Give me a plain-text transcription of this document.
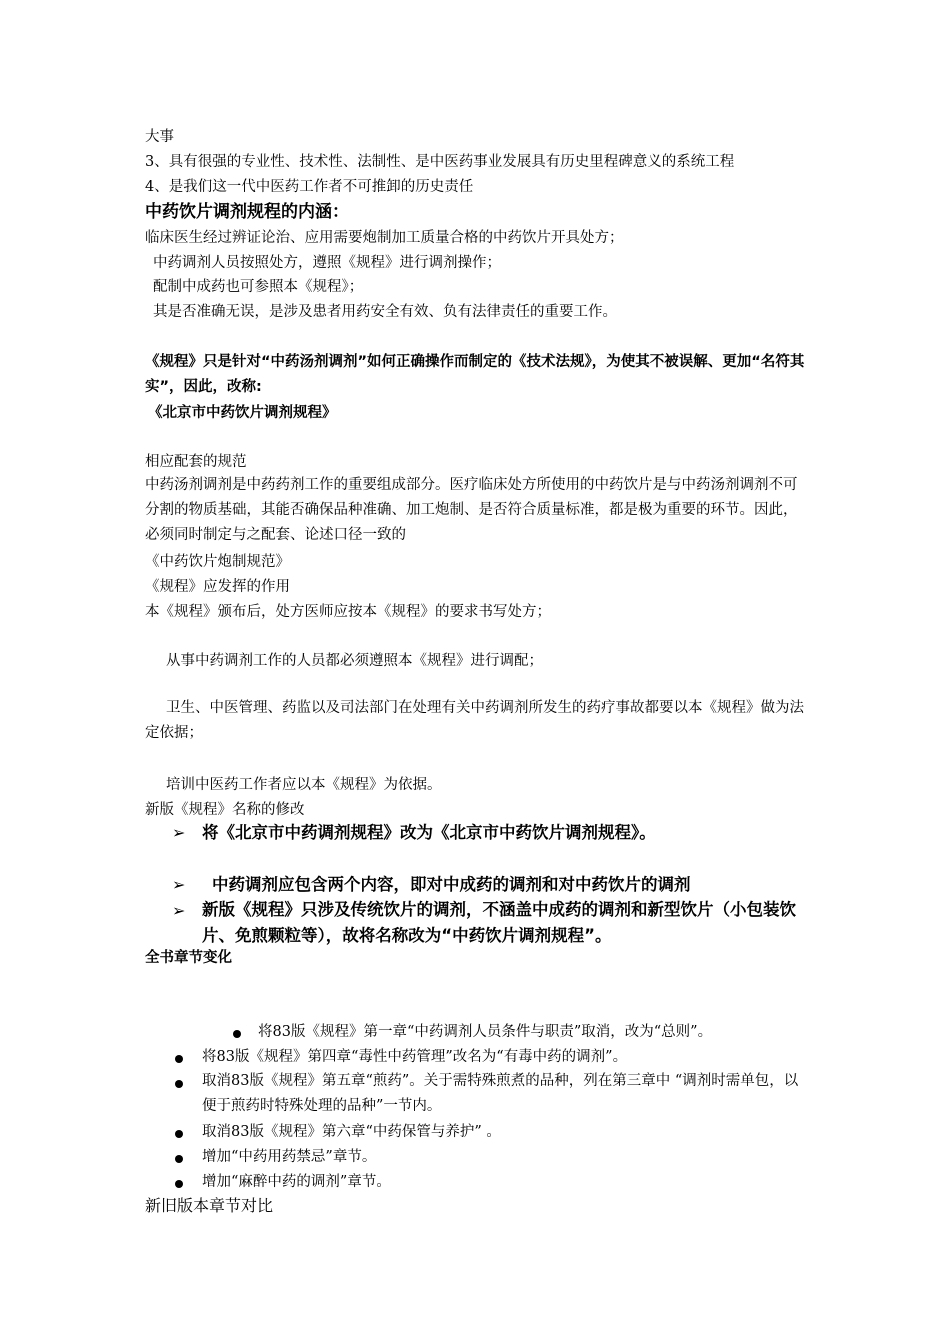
大事
3、具有很强的专业性、技术性、法制性、是中医药事业发展具有历史里程碑意义的系统工程
4、是我们这一代中医药工作者不可推卸的历史责任
中药饮片调剂规程的内涵：
临床医生经过辨证论治、应用需要炮制加工质量合格的中药饮片开具处方；
中药调剂人员按照处方，遵照《规程》进行调剂操作；
配制中成药也可参照本《规程》；
其是否准确无误，是涉及患者用药安全有效、负有法律责任的重要工作。
《规程》只是针对“中药汤剂调剂”如何正确操作而制定的《技术法规》，为使其不被误解、更加“名符其实”，因此，改称:
《北京市中药饮片调剂规程》
相应配套的规范
中药汤剂调剂是中药药剂工作的重要组成部分。医疗临床处方所使用的中药饮片是与中药汤剂调剂不可分割的物质基础，其能否确保品种准确、加工炮制、是否符合质量标准，都是极为重要的环节。因此，必须同时制定与之配套、论述口径一致的
《中药饮片炮制规范》
《规程》应发挥的作用
本《规程》颁布后，处方医师应按本《规程》的要求书写处方；
从事中药调剂工作的人员都必须遵照本《规程》进行调配；
卫生、中医管理、药监以及司法部门在处理有关中药调剂所发生的药疗事故都要以本《规程》做为法定依据；
培训中医药工作者应以本《规程》为依据。
新版《规程》名称的修改
➢ 将《北京市中药调剂规程》改为《北京市中药饮片调剂规程》。
➢ 中药调剂应包含两个内容，即对中成药的调剂和对中药饮片的调剂
➢ 新版《规程》只涉及传统饮片的调剂，不涵盖中成药的调剂和新型饮片（小包装饮片、免煎颗粒等），故将名称改为“中药饮片调剂规程”。
全书章节变化
将83版《规程》第一章“中药调剂人员条件与职责”取消，改为“总则”。
将83版《规程》第四章“毒性中药管理”改名为“有毒中药的调剂”。
取消83版《规程》第五章“煎药”。关于需特殊煎煮的品种，列在第三章中 “调剂时需单包，以便于煎药时特殊处理的品种”一节内。
取消83版《规程》第六章“中药保管与养护” 。
增加“中药用药禁忌”章节。
增加“麻醉中药的调剂”章节。
新旧版本章节对比
